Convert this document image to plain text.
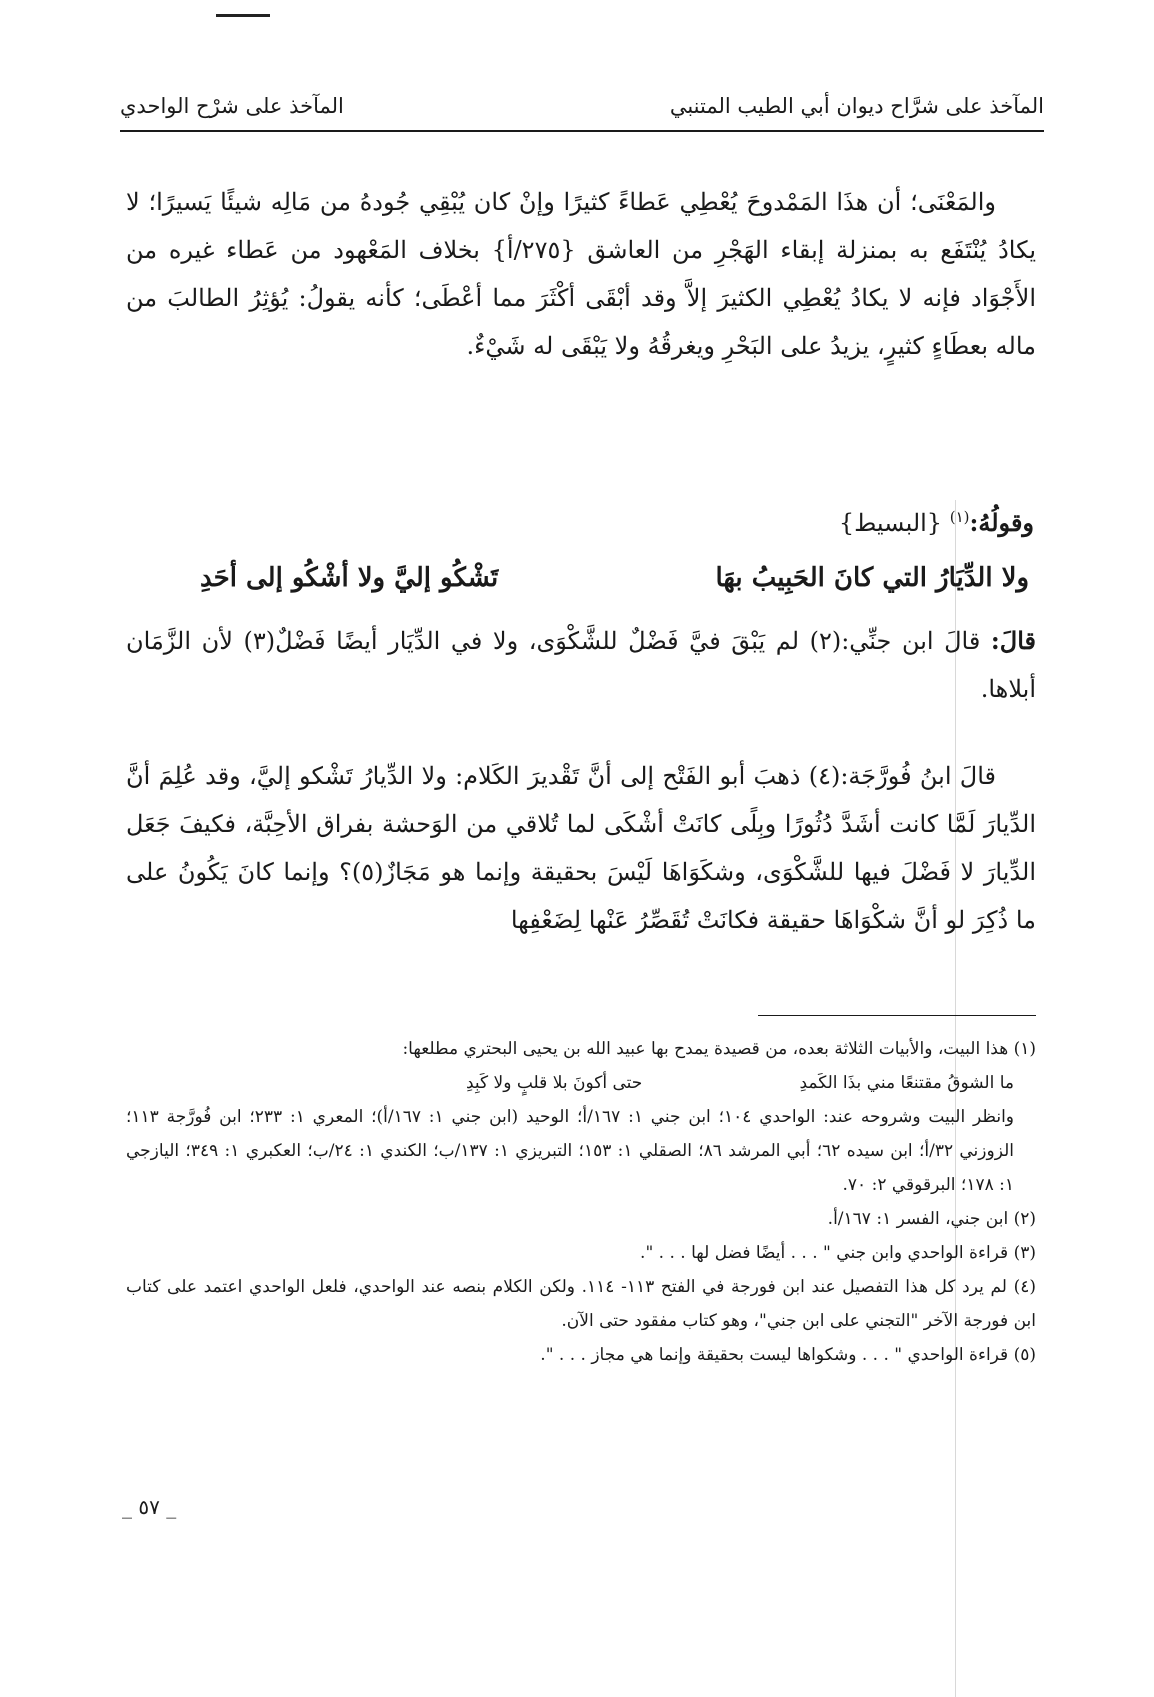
المآخذ على شرَّاح ديوان أبي الطيب المتنبي
المآخذ على شرْح الواحدي

والمَعْنَى؛ أن هذَا المَمْدوحَ يُعْطِي عَطاءً كثيرًا وإنْ كان يُبْقِي جُودهُ من مَالِه شيئًا يَسيرًا؛ لا يكادُ يُنْتَفَع به بمنزلة إبقاء الهَجْرِ من العاشق {٢٧٥/أ} بخلاف المَعْهود من عَطاء غيره من الأَجْوَاد فإنه لا يكادُ يُعْطِي الكثيرَ إلاَّ وقد أبْقَى أكْثَرَ مما أعْطَى؛ كأنه يقولُ: يُؤثِرُ الطالبَ من ماله بعطَاءٍ كثيرٍ، يزيدُ على البَحْرِ ويغرقُهُ ولا يَبْقَى له شَيْءٌ.

وقولُهُ:$^{(١)}$ {البسيط}
ولا الدِّيَارُ التي كانَ الحَبِيبُ بهَا
تَشْكُو إليَّ ولا أشْكُو إلى أحَدِ

قالَ: قالَ ابن جنِّي:(٢) لم يَبْقَ فيَّ فَضْلٌ للشَّكْوَى، ولا في الدِّيَار أيضًا فَضْلٌ(٣) لأن الزَّمَان أبلاها.

قالَ ابنُ فُورَّجَة:(٤) ذهبَ أبو الفَتْح إلى أنَّ تَقْديرَ الكَلام: ولا الدِّيارُ تَشْكو إليَّ، وقد عُلِمَ أنَّ الدِّيارَ لَمَّا كانت أشَدَّ دُثُورًا وبِلًى كانَتْ أشْكَى لما تُلاقي من الوَحشة بفراق الأحِبَّة، فكيفَ جَعَل الدِّيارَ لا فَضْلَ فيها للشَّكْوَى، وشكَوَاهَا لَيْسَ بحقيقة وإنما هو مَجَازٌ(٥)؟ وإنما كانَ يَكُونُ على ما ذُكِرَ لو أنَّ شكْوَاهَا حقيقة فكانَتْ تُقَصِّرُ عَنْها لِضَعْفِها

(١) هذا البيت، والأبيات الثلاثة بعده، من قصيدة يمدح بها عبيد الله بن يحيى البحتري مطلعها:
ما الشوقُ مقتنعًا مني بذَا الكَمدِ
حتى أكونَ بلا قلبٍ ولا كَبِدِ
وانظر البيت وشروحه عند: الواحدي ١٠٤؛ ابن جني ١: ١٦٧/أ؛ الوحيد (ابن جني ١: ١٦٧/أ)؛ المعري ١: ٢٣٣؛ ابن فُورَّجة ١١٣؛ الزوزني ٣٢/أ؛ ابن سيده ٦٢؛ أبي المرشد ٨٦؛ الصقلي ١: ١٥٣؛ التبريزي ١: ١٣٧/ب؛ الكندي ١: ٢٤/ب؛ العكبري ١: ٣٤٩؛ اليازجي ١: ١٧٨؛ البرقوقي ٢: ٧٠.
(٢) ابن جني، الفسر ١: ١٦٧/أ.
(٣) قراءة الواحدي وابن جني " . . . أيضًا فضل لها . . . ".
(٤) لم يرد كل هذا التفصيل عند ابن فورجة في الفتح ١١٣- ١١٤. ولكن الكلام بنصه عند الواحدي، فلعل الواحدي اعتمد على كتاب ابن فورجة الآخر "التجني على ابن جني"، وهو كتاب مفقود حتى الآن.
(٥) قراءة الواحدي " . . . وشكواها ليست بحقيقة وإنما هي مجاز . . . ".
_ ٥٧ _
